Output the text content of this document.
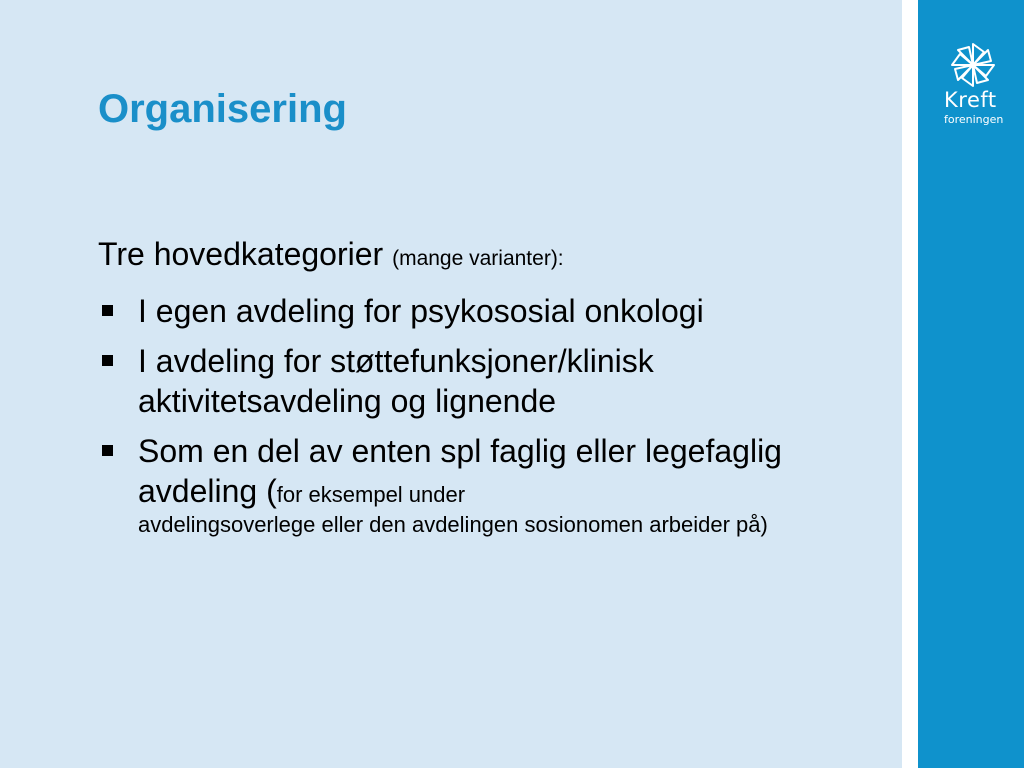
Organisering

Tre hovedkategorier (mange varianter):

I egen avdeling for psykososial onkologi
I avdeling for støttefunksjoner/klinisk aktivitetsavdeling og lignende
Som en del av enten spl faglig eller legefaglig avdeling (for eksempel under
avdelingsoverlege eller den avdelingen sosionomen arbeider på)
Kreft
foreningen
